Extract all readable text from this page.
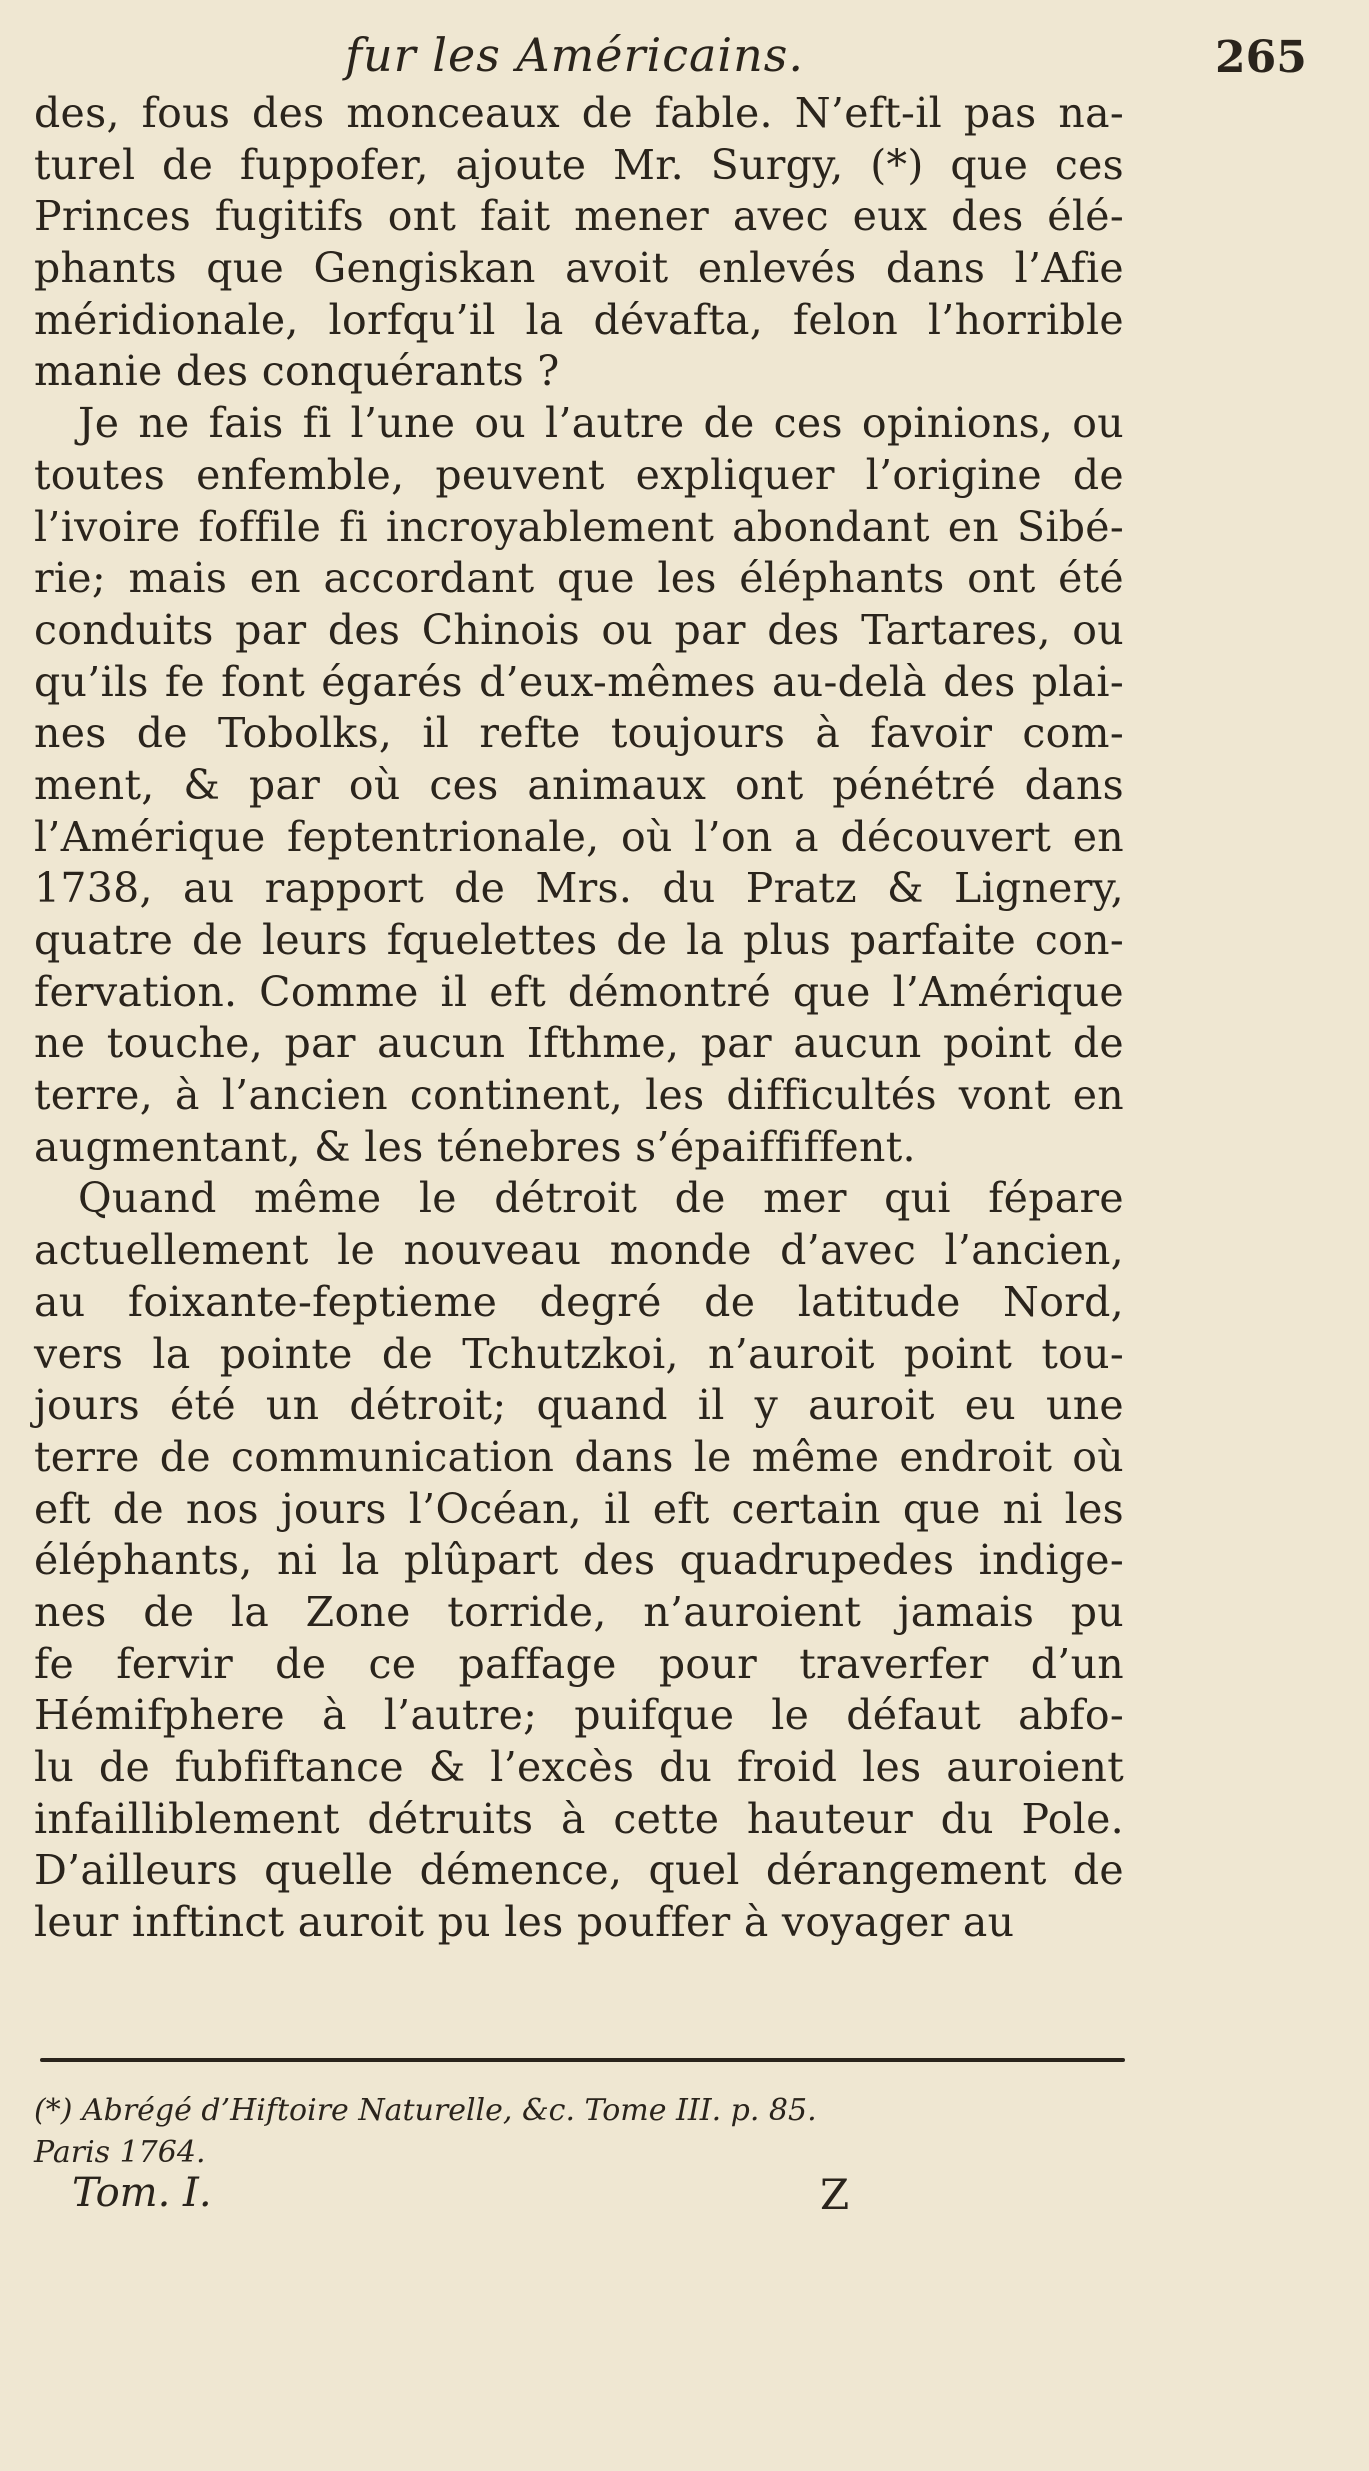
fur les Américains.	265
des, fous des monceaux de fable. N’eft-il pas na-
turel de fuppofer, ajoute Mr. Surgy, (*) que ces
Princes fugitifs ont fait mener avec eux des élé-
phants que Gengiskan avoit enlevés dans l’Afie
méridionale, lorfqu’il la dévafta, felon l’horrible
manie des conquérants ?
Je ne fais fi l’une ou l’autre de ces opinions, ou
toutes enfemble, peuvent expliquer l’origine de
l’ivoire foffile fi incroyablement abondant en Sibé-
rie; mais en accordant que les éléphants ont été
conduits par des Chinois ou par des Tartares, ou
qu’ils fe font égarés d’eux-mêmes au-delà des plai-
nes de Tobolks, il refte toujours à favoir com-
ment, & par où ces animaux ont pénétré dans
l’Amérique feptentrionale, où l’on a découvert en
1738, au rapport de Mrs. du Pratz & Lignery,
quatre de leurs fquelettes de la plus parfaite con-
fervation. Comme il eft démontré que l’Amérique
ne touche, par aucun Ifthme, par aucun point de
terre, à l’ancien continent, les difficultés vont en
augmentant, & les ténebres s’épaiffiffent.
Quand même le détroit de mer qui fépare
actuellement le nouveau monde d’avec l’ancien,
au foixante-feptieme degré de latitude Nord,
vers la pointe de Tchutzkoi, n’auroit point tou-
jours été un détroit; quand il y auroit eu une
terre de communication dans le même endroit où
eft de nos jours l’Océan, il eft certain que ni les
éléphants, ni la plûpart des quadrupedes indige-
nes de la Zone torride, n’auroient jamais pu
fe fervir de ce paffage pour traverfer d’un
Hémifphere à l’autre; puifque le défaut abfo-
lu de fubfiftance & l’excès du froid les auroient
infailliblement détruits à cette hauteur du Pole.
D’ailleurs quelle démence, quel dérangement de
leur inftinct auroit pu les pouffer à voyager au
(*) Abrégé d’Hiftoire Naturelle, &c. Tome III. p. 85.
Paris 1764.
Tom. I.	Z
